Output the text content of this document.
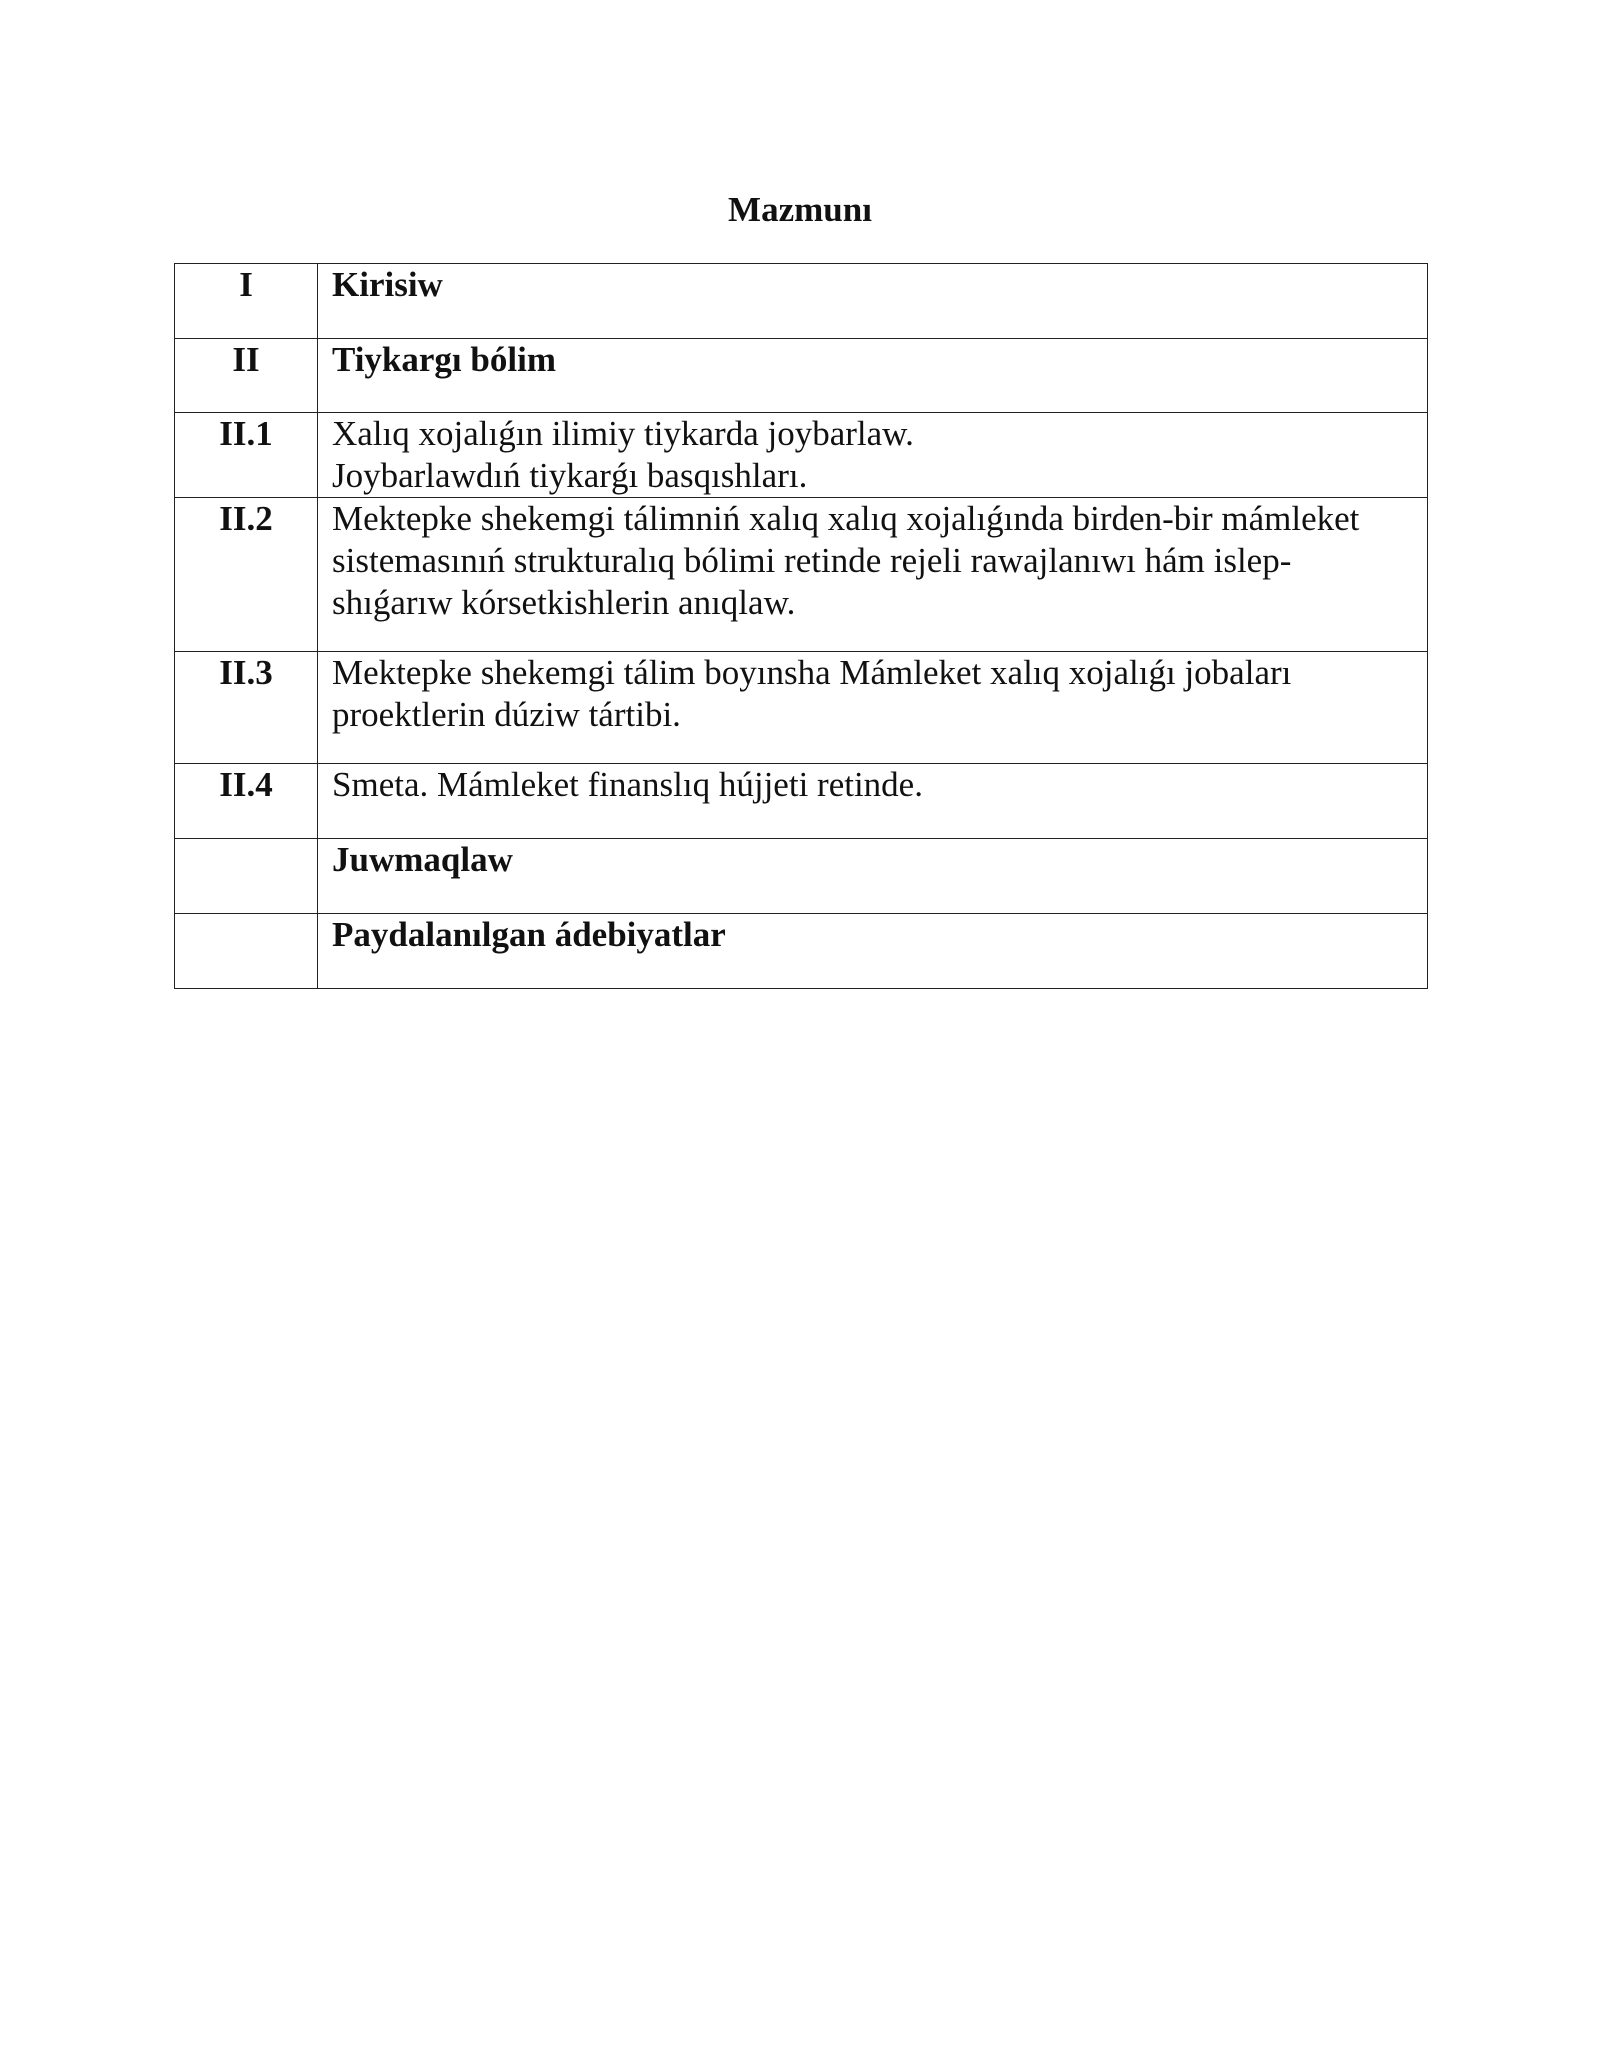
Mazmunı
I	Kirisiw

II	Tiykargı bólim

II.1	Xalıq xojalıǵın ilimiy tiykarda joybarlaw.
Joybarlawdıń tiykarǵı basqıshları.

II.2	Mektepke shekemgi tálimniń xalıq xalıq xojalıǵında birden-bir mámleket
sistemasınıń strukturalıq bólimi retinde rejeli rawajlanıwı hám islep-
shıǵarıw kórsetkishlerin anıqlaw.

II.3	Mektepke shekemgi tálim boyınsha Mámleket xalıq xojalıǵı jobaları
proektlerin dúziw tártibi.

II.4	Smeta. Mámleket finanslıq hújjeti retinde.

	Juwmaqlaw

	Paydalanılgan ádebiyatlar
